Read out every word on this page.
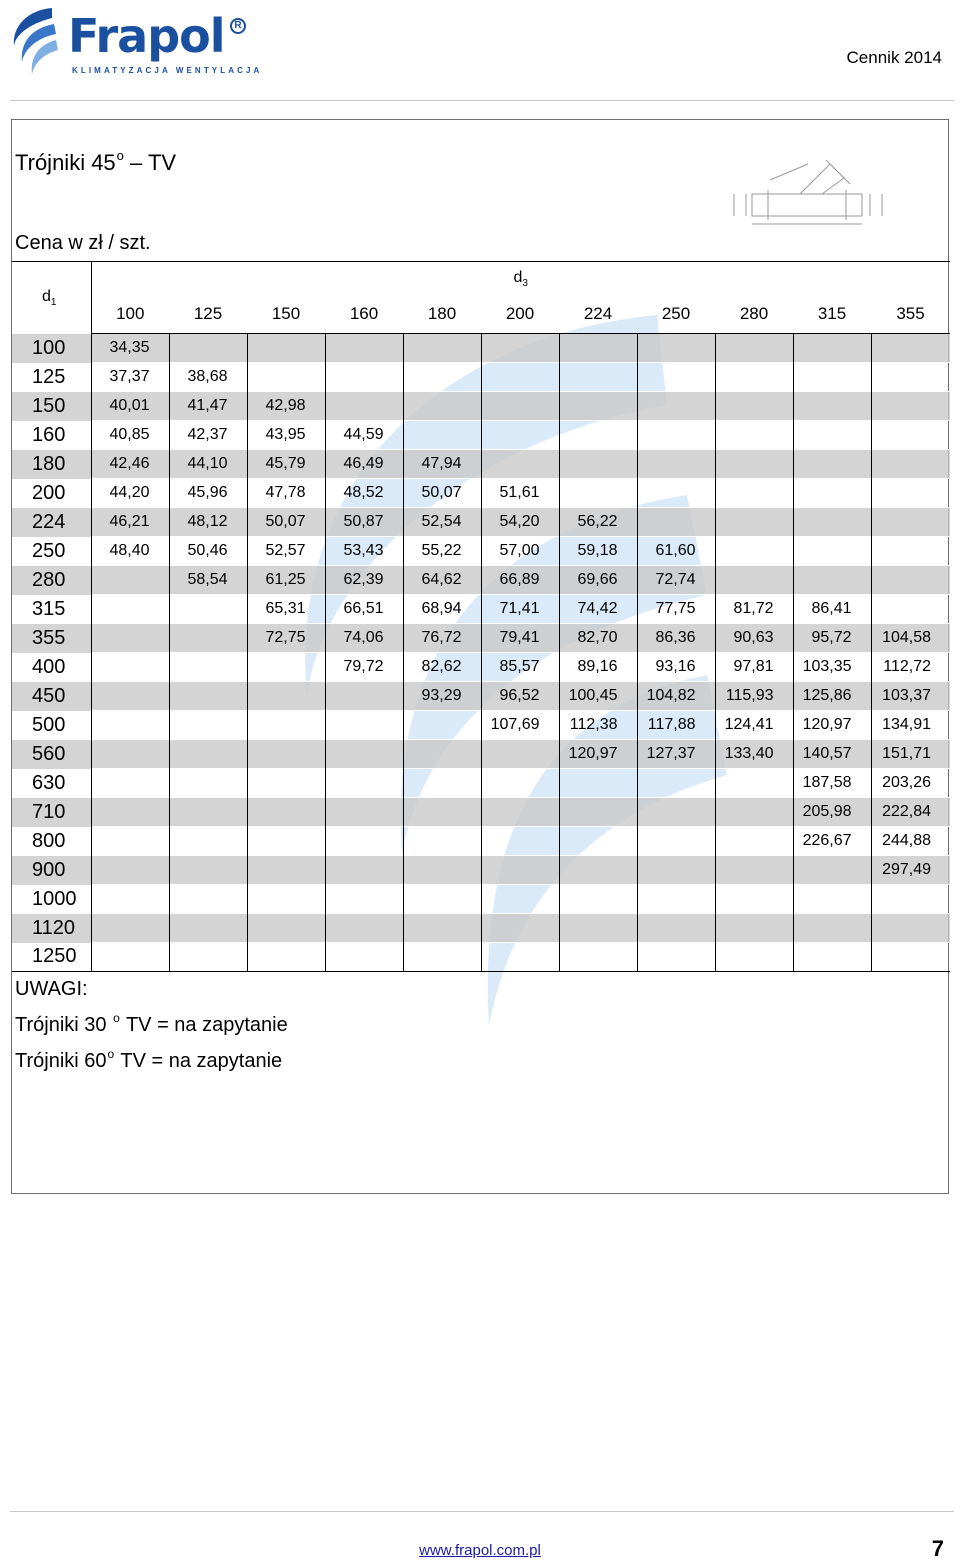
Frapol R
KLIMATYZACJA WENTYLACJA
Cennik 2014
Trójniki 45$^o$ – TV
Cena w zł / szt.
$d_1$	$d_3$
	100	125	150	160	180	200	224	250	280	315	355
100	34,35										
125	37,37	38,68									
150	40,01	41,47	42,98								
160	40,85	42,37	43,95	44,59							
180	42,46	44,10	45,79	46,49	47,94						
200	44,20	45,96	47,78	48,52	50,07	51,61					
224	46,21	48,12	50,07	50,87	52,54	54,20	56,22				
250	48,40	50,46	52,57	53,43	55,22	57,00	59,18	61,60			
280		58,54	61,25	62,39	64,62	66,89	69,66	72,74			
315			65,31	66,51	68,94	71,41	74,42	77,75	81,72	86,41	
355			72,75	74,06	76,72	79,41	82,70	86,36	90,63	95,72	104,58
400				79,72	82,62	85,57	89,16	93,16	97,81	103,35	112,72
450					93,29	96,52	100,45	104,82	115,93	125,86	103,37
500						107,69	112,38	117,88	124,41	120,97	134,91
560							120,97	127,37	133,40	140,57	151,71
630										187,58	203,26
710										205,98	222,84
800										226,67	244,88
900											297,49
1000											
1120											
1250											
UWAGI:
Trójniki 30 $^o$ TV = na zapytanie
Trójniki 60$^o$ TV = na zapytanie
www.frapol.com.pl	7
